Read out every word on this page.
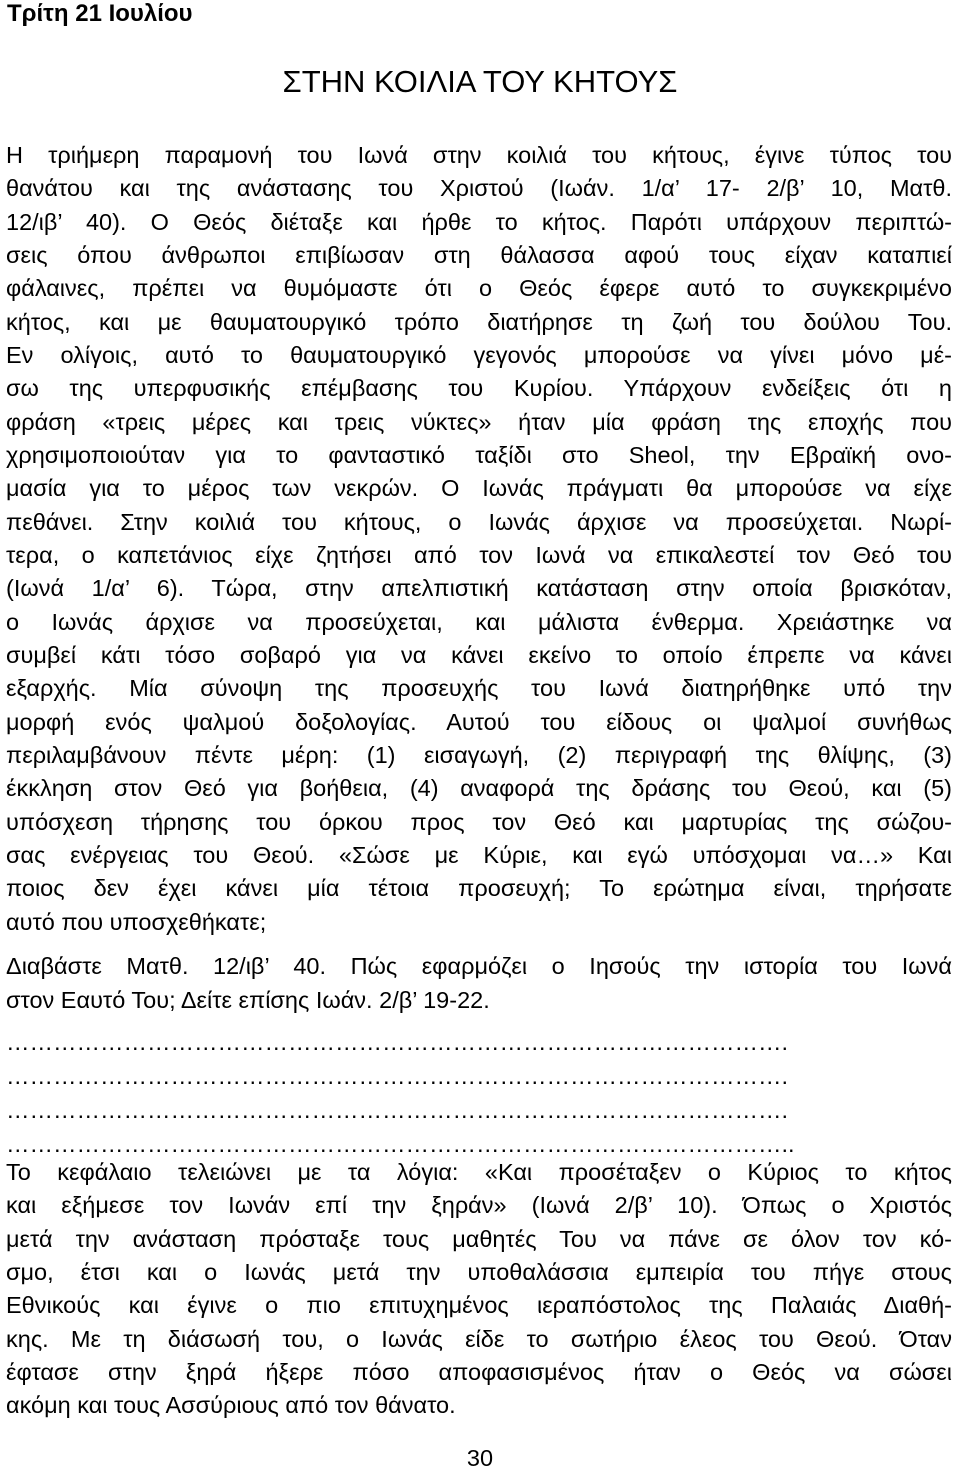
Τρίτη 21 Ιουλίου
ΣΤΗΝ ΚΟΙΛΙΑ ΤΟΥ ΚΗΤΟΥΣ
Η τριήμερη παραμονή του Ιωνά στην κοιλιά του κήτους, έγινε τύπος του
θανάτου και της ανάστασης του Χριστού (Ιωάν. 1/α’ 17- 2/β’ 10, Ματθ.
12/ιβ’ 40). Ο Θεός διέταξε και ήρθε το κήτος. Παρότι υπάρχουν περιπτώ-
σεις όπου άνθρωποι επιβίωσαν στη θάλασσα αφού τους είχαν καταπιεί
φάλαινες, πρέπει να θυμόμαστε ότι ο Θεός έφερε αυτό το συγκεκριμένο
κήτος, και με θαυματουργικό τρόπο διατήρησε τη ζωή του δούλου Του.
Εν ολίγοις, αυτό το θαυματουργικό γεγονός μπορούσε να γίνει μόνο μέ-
σω της υπερφυσικής επέμβασης του Κυρίου. Υπάρχουν ενδείξεις ότι η
φράση «τρεις μέρες και τρεις νύκτες» ήταν μία φράση της εποχής που
χρησιμοποιούταν για το φανταστικό ταξίδι στο Sheol, την Εβραϊκή ονο-
μασία για το μέρος των νεκρών. Ο Ιωνάς πράγματι θα μπορούσε να είχε
πεθάνει. Στην κοιλιά του κήτους, ο Ιωνάς άρχισε να προσεύχεται. Νωρί-
τερα, ο καπετάνιος είχε ζητήσει από τον Ιωνά να επικαλεστεί τον Θεό του
(Ιωνά 1/α’ 6). Τώρα, στην απελπιστική κατάσταση στην οποία βρισκόταν,
ο Ιωνάς άρχισε να προσεύχεται, και μάλιστα ένθερμα. Χρειάστηκε να
συμβεί κάτι τόσο σοβαρό για να κάνει εκείνο το οποίο έπρεπε να κάνει
εξαρχής. Μία σύνοψη της προσευχής του Ιωνά διατηρήθηκε υπό την
μορφή ενός ψαλμού δοξολογίας. Αυτού του είδους οι ψαλμοί συνήθως
περιλαμβάνουν πέντε μέρη: (1) εισαγωγή, (2) περιγραφή της θλίψης, (3)
έκκληση στον Θεό για βοήθεια, (4) αναφορά της δράσης του Θεού, και (5)
υπόσχεση τήρησης του όρκου προς τον Θεό και μαρτυρίας της σώζου-
σας ενέργειας του Θεού. «Σώσε με Κύριε, και εγώ υπόσχομαι να…» Και
ποιος δεν έχει κάνει μία τέτοια προσευχή; Το ερώτημα είναι, τηρήσατε
αυτό που υποσχεθήκατε;
Διαβάστε Ματθ. 12/ιβ’ 40. Πώς εφαρμόζει ο Ιησούς την ιστορία του Ιωνά
στον Εαυτό Του; Δείτε επίσης Ιωάν. 2/β’ 19-22.
……………………………………………………………………………………….
……………………………………………………………………………………….
……………………………………………………………………………………….
………………………………………………………………………………………..
Το κεφάλαιο τελειώνει με τα λόγια: «Και προσέταξεν ο Κύριος το κήτος
και εξήμεσε τον Ιωνάν επί την ξηράν» (Ιωνά 2/β’ 10). Όπως ο Χριστός
μετά την ανάσταση πρόσταξε τους μαθητές Του να πάνε σε όλον τον κό-
σμο, έτσι και ο Ιωνάς μετά την υποθαλάσσια εμπειρία του πήγε στους
Εθνικούς και έγινε ο πιο επιτυχημένος ιεραπόστολος της Παλαιάς Διαθή-
κης. Με τη διάσωσή του, ο Ιωνάς είδε το σωτήριο έλεος του Θεού. Όταν
έφτασε στην ξηρά ήξερε πόσο αποφασισμένος ήταν ο Θεός να σώσει
ακόμη και τους Ασσύριους από τον θάνατο.
30
